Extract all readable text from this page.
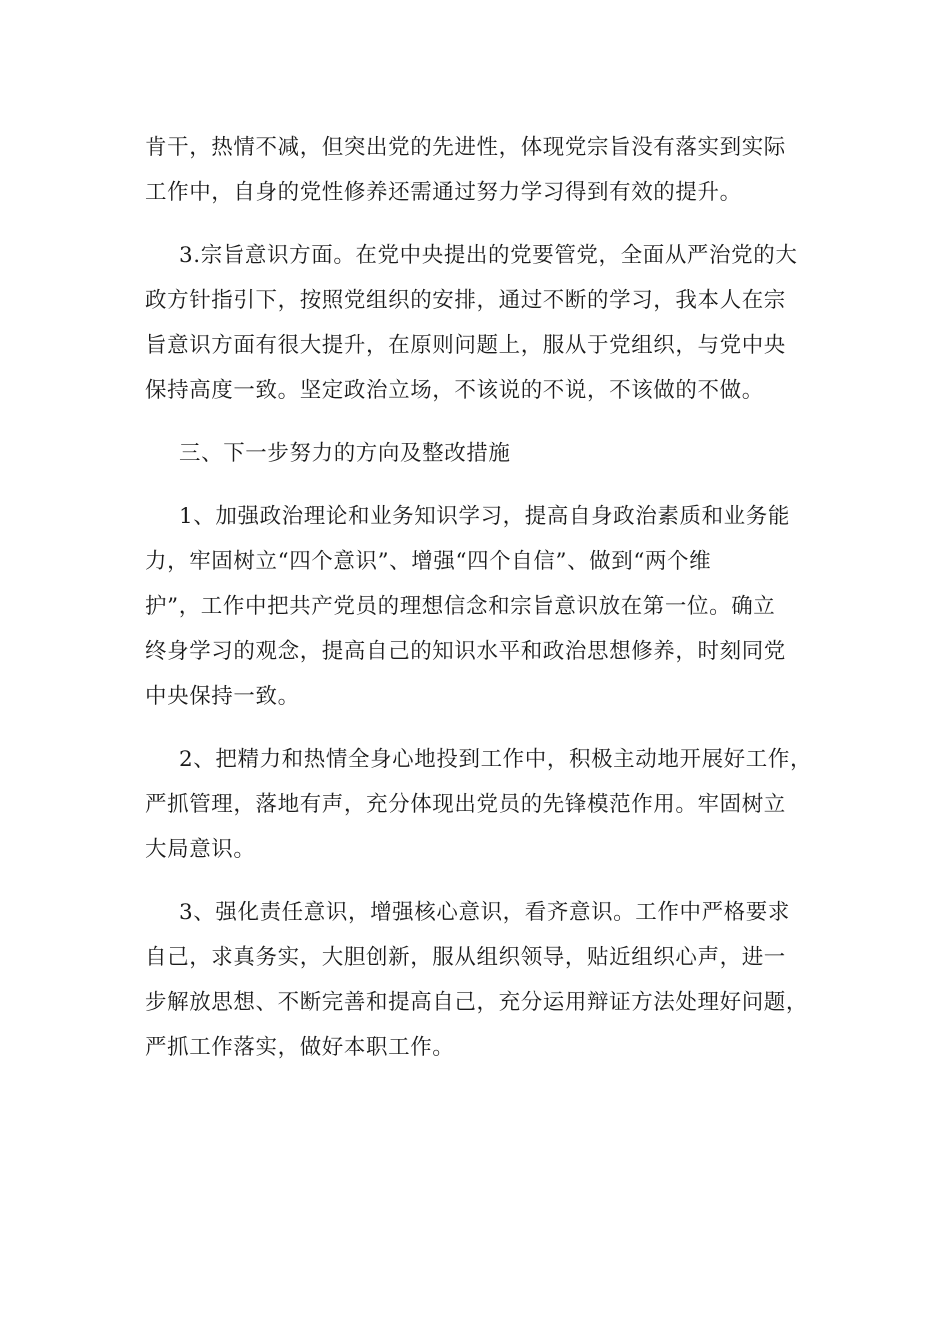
肯干，热情不减，但突出党的先进性，体现党宗旨没有落实到实际
工作中，自身的党性修养还需通过努力学习得到有效的提升。

3.宗旨意识方面。在党中央提出的党要管党，全面从严治党的大
政方针指引下，按照党组织的安排，通过不断的学习，我本人在宗
旨意识方面有很大提升，在原则问题上，服从于党组织，与党中央
保持高度一致。坚定政治立场，不该说的不说，不该做的不做。

三、下一步努力的方向及整改措施

1、加强政治理论和业务知识学习，提高自身政治素质和业务能
力，牢固树立“四个意识”、增强“四个自信”、做到“两个维
护”，工作中把共产党员的理想信念和宗旨意识放在第一位。确立
终身学习的观念，提高自己的知识水平和政治思想修养，时刻同党
中央保持一致。

2、把精力和热情全身心地投到工作中，积极主动地开展好工作，
严抓管理，落地有声，充分体现出党员的先锋模范作用。牢固树立
大局意识。

3、强化责任意识，增强核心意识，看齐意识。工作中严格要求
自己，求真务实，大胆创新，服从组织领导，贴近组织心声，进一
步解放思想、不断完善和提高自己，充分运用辩证方法处理好问题，
严抓工作落实，做好本职工作。
